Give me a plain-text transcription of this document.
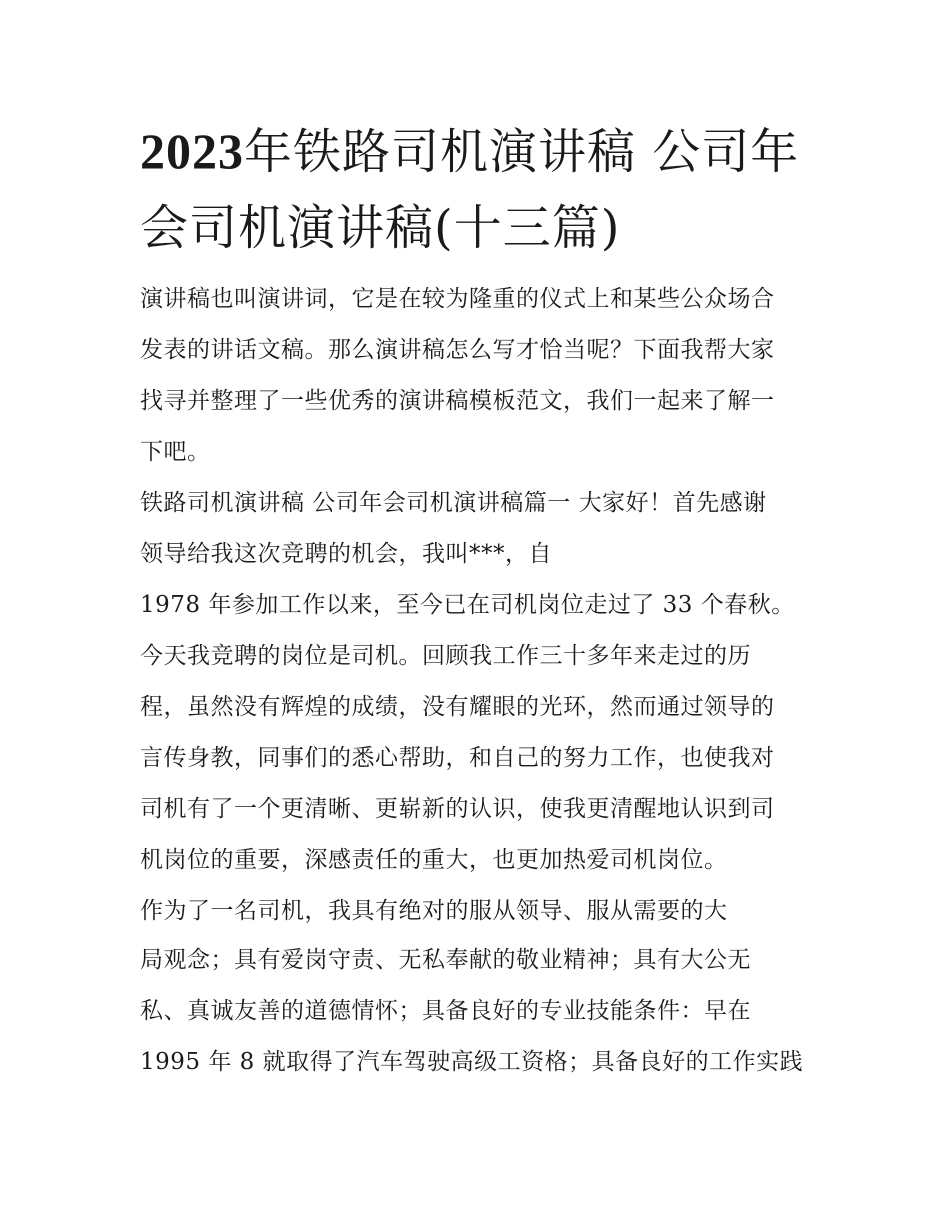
2023年铁路司机演讲稿 公司年会司机演讲稿(十三篇)

演讲稿也叫演讲词，它是在较为隆重的仪式上和某些公众场合

发表的讲话文稿。那么演讲稿怎么写才恰当呢？下面我帮大家

找寻并整理了一些优秀的演讲稿模板范文，我们一起来了解一

下吧。

铁路司机演讲稿 公司年会司机演讲稿篇一 大家好！首先感谢

领导给我这次竞聘的机会，我叫***，自

1978 年参加工作以来，至今已在司机岗位走过了 33 个春秋。

今天我竞聘的岗位是司机。回顾我工作三十多年来走过的历

程，虽然没有辉煌的成绩，没有耀眼的光环，然而通过领导的

言传身教，同事们的悉心帮助，和自己的努力工作，也使我对

司机有了一个更清晰、更崭新的认识，使我更清醒地认识到司

机岗位的重要，深感责任的重大，也更加热爱司机岗位。

作为了一名司机，我具有绝对的服从领导、服从需要的大

局观念；具有爱岗守责、无私奉献的敬业精神；具有大公无

私、真诚友善的道德情怀；具备良好的专业技能条件：早在

1995 年 8 就取得了汽车驾驶高级工资格；具备良好的工作实践
